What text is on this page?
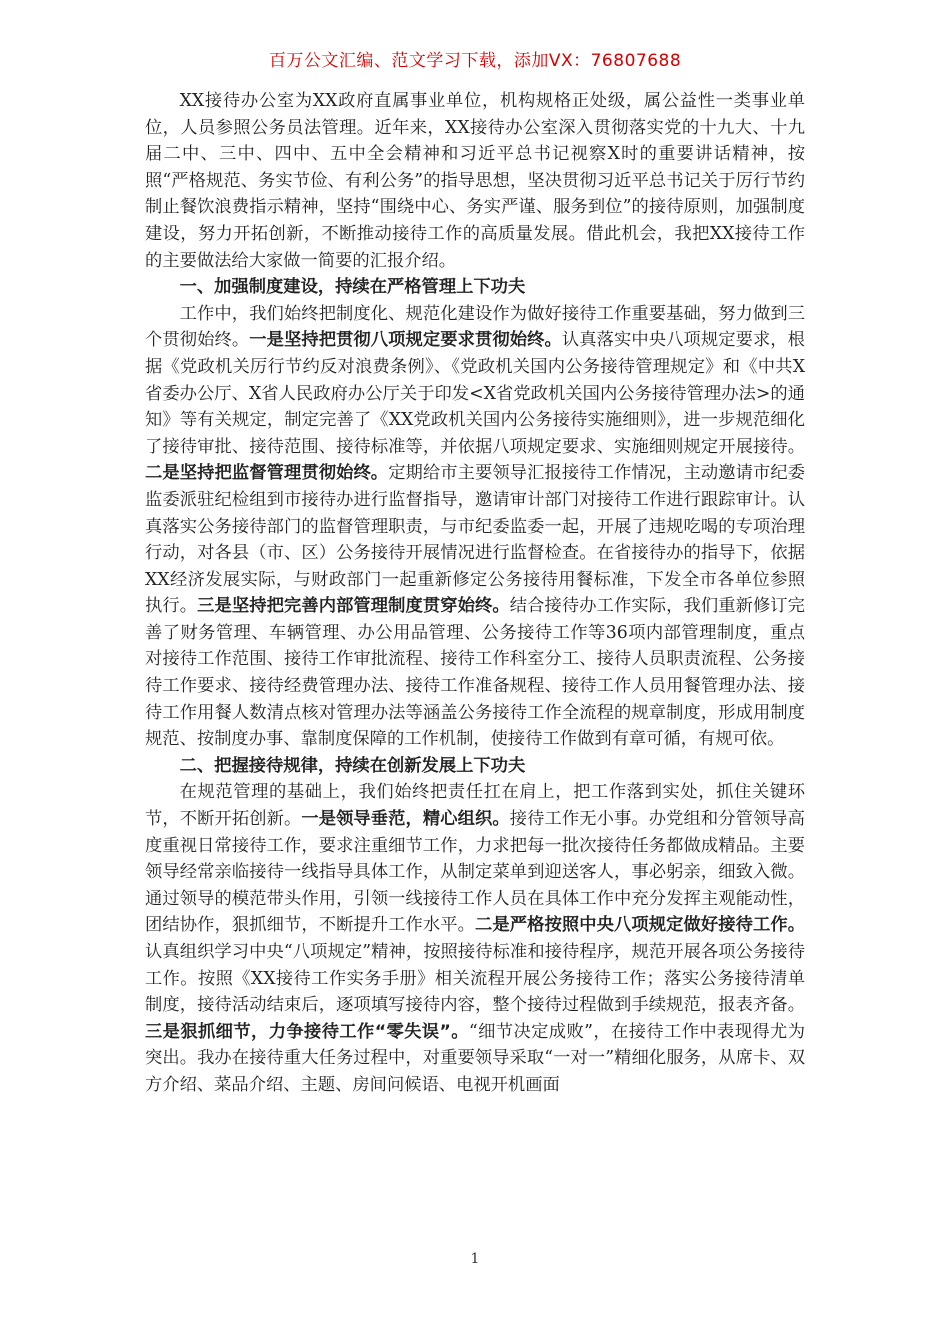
百万公文汇编、范文学习下载，添加VX：76807688

XX接待办公室为XX政府直属事业单位，机构规格正处级，属公益性一类事业单位，人员参照公务员法管理。近年来，XX接待办公室深入贯彻落实党的十九大、十九届二中、三中、四中、五中全会精神和习近平总书记视察X时的重要讲话精神，按照“严格规范、务实节俭、有利公务”的指导思想，坚决贯彻习近平总书记关于厉行节约制止餐饮浪费指示精神，坚持“围绕中心、务实严谨、服务到位”的接待原则，加强制度建设，努力开拓创新，不断推动接待工作的高质量发展。借此机会，我把XX接待工作的主要做法给大家做一简要的汇报介绍。

一、加强制度建设，持续在严格管理上下功夫

工作中，我们始终把制度化、规范化建设作为做好接待工作重要基础，努力做到三个贯彻始终。一是坚持把贯彻八项规定要求贯彻始终。认真落实中央八项规定要求，根据《党政机关厉行节约反对浪费条例》、《党政机关国内公务接待管理规定》和《中共X省委办公厅、X省人民政府办公厅关于印发<X省党政机关国内公务接待管理办法>的通知》等有关规定，制定完善了《XX党政机关国内公务接待实施细则》，进一步规范细化了接待审批、接待范围、接待标准等，并依据八项规定要求、实施细则规定开展接待。二是坚持把监督管理贯彻始终。定期给市主要领导汇报接待工作情况，主动邀请市纪委监委派驻纪检组到市接待办进行监督指导，邀请审计部门对接待工作进行跟踪审计。认真落实公务接待部门的监督管理职责，与市纪委监委一起，开展了违规吃喝的专项治理行动，对各县（市、区）公务接待开展情况进行监督检查。在省接待办的指导下，依据XX经济发展实际，与财政部门一起重新修定公务接待用餐标准，下发全市各单位参照执行。三是坚持把完善内部管理制度贯穿始终。结合接待办工作实际，我们重新修订完善了财务管理、车辆管理、办公用品管理、公务接待工作等36项内部管理制度，重点对接待工作范围、接待工作审批流程、接待工作科室分工、接待人员职责流程、公务接待工作要求、接待经费管理办法、接待工作准备规程、接待工作人员用餐管理办法、接待工作用餐人数清点核对管理办法等涵盖公务接待工作全流程的规章制度，形成用制度规范、按制度办事、靠制度保障的工作机制，使接待工作做到有章可循，有规可依。

二、把握接待规律，持续在创新发展上下功夫

在规范管理的基础上，我们始终把责任扛在肩上，把工作落到实处，抓住关键环节，不断开拓创新。一是领导垂范，精心组织。接待工作无小事。办党组和分管领导高度重视日常接待工作，要求注重细节工作，力求把每一批次接待任务都做成精品。主要领导经常亲临接待一线指导具体工作，从制定菜单到迎送客人，事必躬亲，细致入微。通过领导的模范带头作用，引领一线接待工作人员在具体工作中充分发挥主观能动性，团结协作，狠抓细节，不断提升工作水平。二是严格按照中央八项规定做好接待工作。认真组织学习中央“八项规定”精神，按照接待标准和接待程序，规范开展各项公务接待工作。按照《XX接待工作实务手册》相关流程开展公务接待工作；落实公务接待清单制度，接待活动结束后，逐项填写接待内容，整个接待过程做到手续规范，报表齐备。三是狠抓细节，力争接待工作“零失误”。“细节决定成败”，在接待工作中表现得尤为突出。我办在接待重大任务过程中，对重要领导采取“一对一”精细化服务，从席卡、双方介绍、菜品介绍、主题、房间问候语、电视开机画面

1
